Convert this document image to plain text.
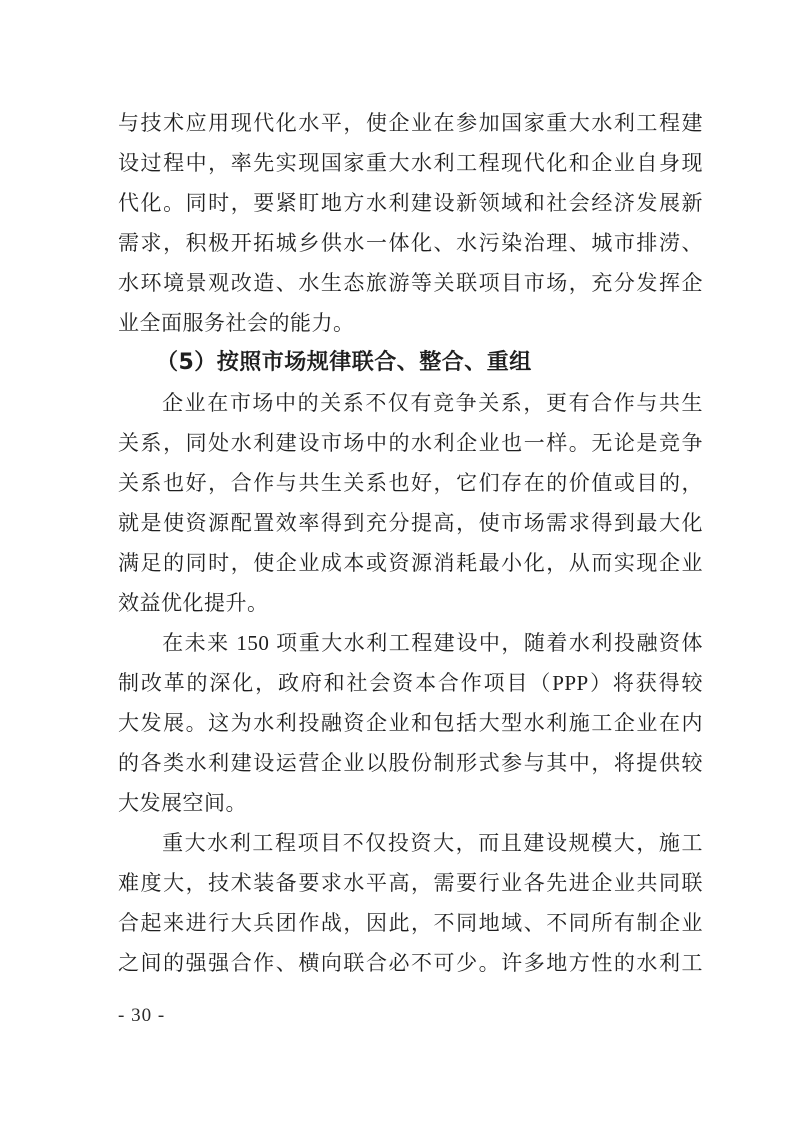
与技术应用现代化水平，使企业在参加国家重大水利工程建
设过程中，率先实现国家重大水利工程现代化和企业自身现
代化。同时，要紧盯地方水利建设新领域和社会经济发展新
需求，积极开拓城乡供水一体化、水污染治理、城市排涝、
水环境景观改造、水生态旅游等关联项目市场，充分发挥企
业全面服务社会的能力。
（5）按照市场规律联合、整合、重组
企业在市场中的关系不仅有竞争关系，更有合作与共生
关系，同处水利建设市场中的水利企业也一样。无论是竞争
关系也好，合作与共生关系也好，它们存在的价值或目的，
就是使资源配置效率得到充分提高，使市场需求得到最大化
满足的同时，使企业成本或资源消耗最小化，从而实现企业
效益优化提升。
在未来 150 项重大水利工程建设中，随着水利投融资体
制改革的深化，政府和社会资本合作项目（PPP）将获得较
大发展。这为水利投融资企业和包括大型水利施工企业在内
的各类水利建设运营企业以股份制形式参与其中，将提供较
大发展空间。
重大水利工程项目不仅投资大，而且建设规模大，施工
难度大，技术装备要求水平高，需要行业各先进企业共同联
合起来进行大兵团作战，因此，不同地域、不同所有制企业
之间的强强合作、横向联合必不可少。许多地方性的水利工
- 30 -
